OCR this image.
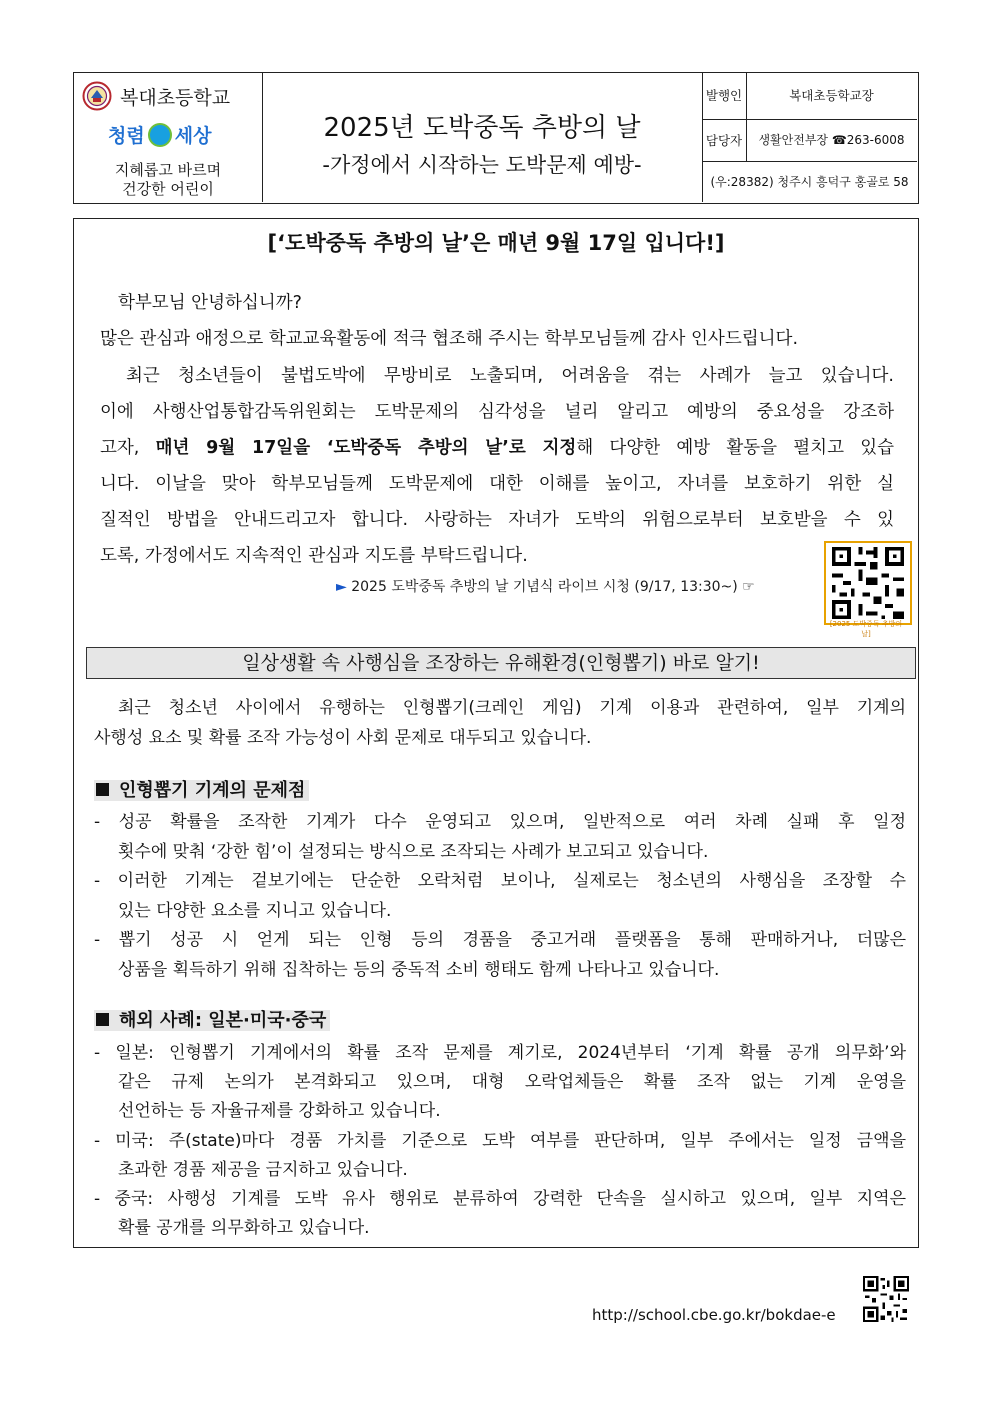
복대초등학교
청렴 세상
지혜롭고 바르며
건강한 어린이
2025년 도박중독 추방의 날
-가정에서 시작하는 도박문제 예방-
발행인	복대초등학교장
담당자	생활안전부장 ☎263-6008
(우:28382) 청주시 흥덕구 홍골로 58
[‘도박중독 추방의 날’은 매년 9월 17일 입니다!]
학부모님 안녕하십니까?
많은 관심과 애정으로 학교교육활동에 적극 협조해 주시는 학부모님들께 감사 인사드립니다.
최근 청소년들이 불법도박에 무방비로 노출되며, 어려움을 겪는 사례가 늘고 있습니다.
이에 사행산업통합감독위원회는 도박문제의 심각성을 널리 알리고 예방의 중요성을 강조하
고자, 매년 9월 17일을 ‘도박중독 추방의 날’로 지정해 다양한 예방 활동을 펼치고 있습
니다. 이날을 맞아 학부모님들께 도박문제에 대한 이해를 높이고, 자녀를 보호하기 위한 실
질적인 방법을 안내드리고자 합니다. 사랑하는 자녀가 도박의 위험으로부터 보호받을 수 있
도록, 가정에서도 지속적인 관심과 지도를 부탁드립니다.
► 2025 도박중독 추방의 날 기념식 라이브 시청 (9/17, 13:30~) ☞
[2025 도박중독 추방의 날]
일상생활 속 사행심을 조장하는 유해환경(인형뽑기) 바로 알기!
최근 청소년 사이에서 유행하는 인형뽑기(크레인 게임) 기계 이용과 관련하여, 일부 기계의
사행성 요소 및 확률 조작 가능성이 사회 문제로 대두되고 있습니다.
인형뽑기 기계의 문제점
- 성공 확률을 조작한 기계가 다수 운영되고 있으며, 일반적으로 여러 차례 실패 후 일정
횟수에 맞춰 ‘강한 힘’이 설정되는 방식으로 조작되는 사례가 보고되고 있습니다.
- 이러한 기계는 겉보기에는 단순한 오락처럼 보이나, 실제로는 청소년의 사행심을 조장할 수
있는 다양한 요소를 지니고 있습니다.
- 뽑기 성공 시 얻게 되는 인형 등의 경품을 중고거래 플랫폼을 통해 판매하거나, 더많은
상품을 획득하기 위해 집착하는 등의 중독적 소비 행태도 함께 나타나고 있습니다.
해외 사례: 일본·미국·중국
- 일본: 인형뽑기 기계에서의 확률 조작 문제를 계기로, 2024년부터 ‘기계 확률 공개 의무화’와
같은 규제 논의가 본격화되고 있으며, 대형 오락업체들은 확률 조작 없는 기계 운영을
선언하는 등 자율규제를 강화하고 있습니다.
- 미국: 주(state)마다 경품 가치를 기준으로 도박 여부를 판단하며, 일부 주에서는 일정 금액을
초과한 경품 제공을 금지하고 있습니다.
- 중국: 사행성 기계를 도박 유사 행위로 분류하여 강력한 단속을 실시하고 있으며, 일부 지역은
확률 공개를 의무화하고 있습니다.
http://school.cbe.go.kr/bokdae-e
